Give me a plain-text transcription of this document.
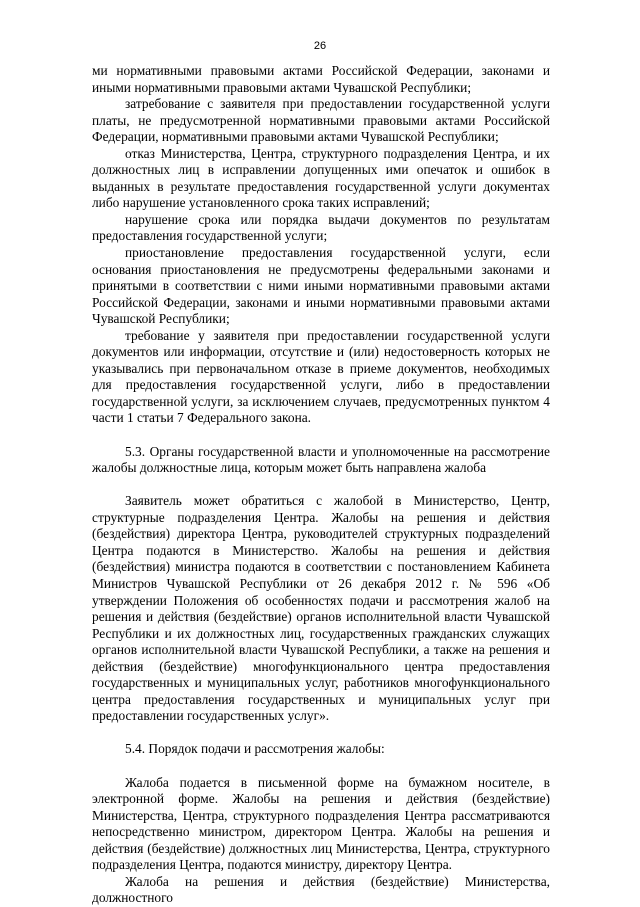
26

ми нормативными правовыми актами Российской Федерации, законами и иными нормативными правовыми актами Чувашской Республики;

затребование с заявителя при предоставлении государственной услуги платы, не предусмотренной нормативными правовыми актами Российской Федерации, нормативными правовыми актами Чувашской Республики;

отказ Министерства, Центра, структурного подразделения Центра, и их должностных лиц в исправлении допущенных ими опечаток и ошибок в выданных в результате предоставления государственной услуги документах либо нарушение установленного срока таких исправлений;

нарушение срока или порядка выдачи документов по результатам предоставления государственной услуги;

приостановление предоставления государственной услуги, если основания приостановления не предусмотрены федеральными законами и принятыми в соответствии с ними иными нормативными правовыми актами Российской Федерации, законами и иными нормативными правовыми актами Чувашской Республики;

требование у заявителя при предоставлении государственной услуги документов или информации, отсутствие и (или) недостоверность которых не указывались при первоначальном отказе в приеме документов, необходимых для предоставления государственной услуги, либо в предоставлении государственной услуги, за исключением случаев, предусмотренных пунктом 4 части 1 статьи 7 Федерального закона.

5.3. Органы государственной власти и уполномоченные на рассмотрение жалобы должностные лица, которым может быть направлена жалоба

Заявитель может обратиться с жалобой в Министерство, Центр, структурные подразделения Центра. Жалобы на решения и действия (бездействия) директора Центра, руководителей структурных подразделений Центра подаются в Министерство. Жалобы на решения и действия (бездействия) министра подаются в соответствии с постановлением Кабинета Министров Чувашской Республики от 26 декабря 2012 г. № 596 «Об утверждении Положения об особенностях подачи и рассмотрения жалоб на решения и действия (бездействие) органов исполнительной власти Чувашской Республики и их должностных лиц, государственных гражданских служащих органов исполнительной власти Чувашской Республики, а также на решения и действия (бездействие) многофункционального центра предоставления государственных и муниципальных услуг, работников многофункционального центра предоставления государственных и муниципальных услуг при предоставлении государственных услуг».

5.4. Порядок подачи и рассмотрения жалобы:

Жалоба подается в письменной форме на бумажном носителе, в электронной форме. Жалобы на решения и действия (бездействие) Министерства, Центра, структурного подразделения Центра рассматриваются непосредственно министром, директором Центра. Жалобы на решения и действия (бездействие) должностных лиц Министерства, Центра, структурного подразделения Центра, подаются министру, директору Центра.

Жалоба на решения и действия (бездействие) Министерства, должностного
